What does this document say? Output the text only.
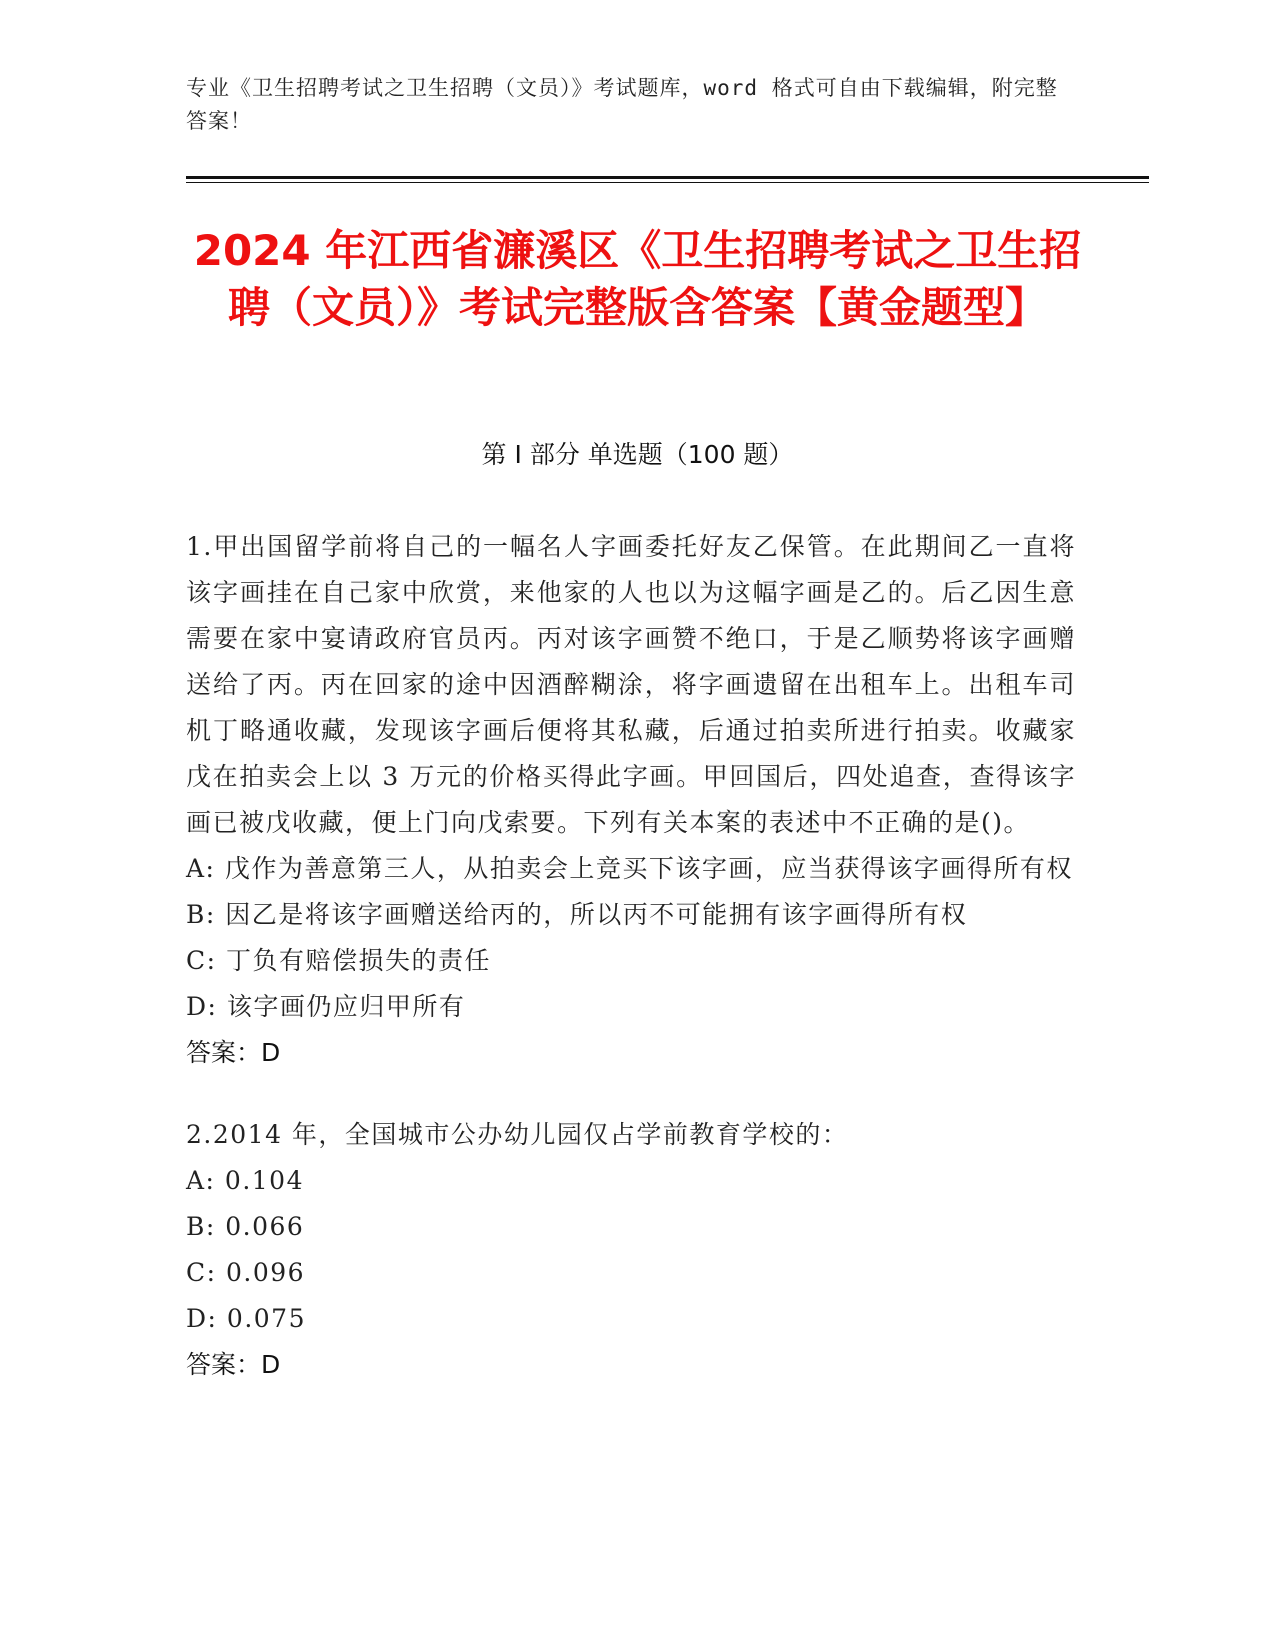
专业《卫生招聘考试之卫生招聘（文员）》考试题库，word 格式可自由下载编辑，附完整答案！
2024 年江西省濂溪区《卫生招聘考试之卫生招聘（文员）》考试完整版含答案【黄金题型】
第 I 部分 单选题（100 题）
1.甲出国留学前将自己的一幅名人字画委托好友乙保管。在此期间乙一直将该字画挂在自己家中欣赏，来他家的人也以为这幅字画是乙的。后乙因生意需要在家中宴请政府官员丙。丙对该字画赞不绝口，于是乙顺势将该字画赠送给了丙。丙在回家的途中因酒醉糊涂，将字画遗留在出租车上。出租车司机丁略通收藏，发现该字画后便将其私藏，后通过拍卖所进行拍卖。收藏家戊在拍卖会上以 3 万元的价格买得此字画。甲回国后，四处追查，查得该字画已被戊收藏，便上门向戊索要。下列有关本案的表述中不正确的是()。
A: 戊作为善意第三人，从拍卖会上竞买下该字画，应当获得该字画得所有权
B: 因乙是将该字画赠送给丙的，所以丙不可能拥有该字画得所有权
C: 丁负有赔偿损失的责任
D: 该字画仍应归甲所有
答案：D
2.2014 年，全国城市公办幼儿园仅占学前教育学校的：
A: 0.104
B: 0.066
C: 0.096
D: 0.075
答案：D
